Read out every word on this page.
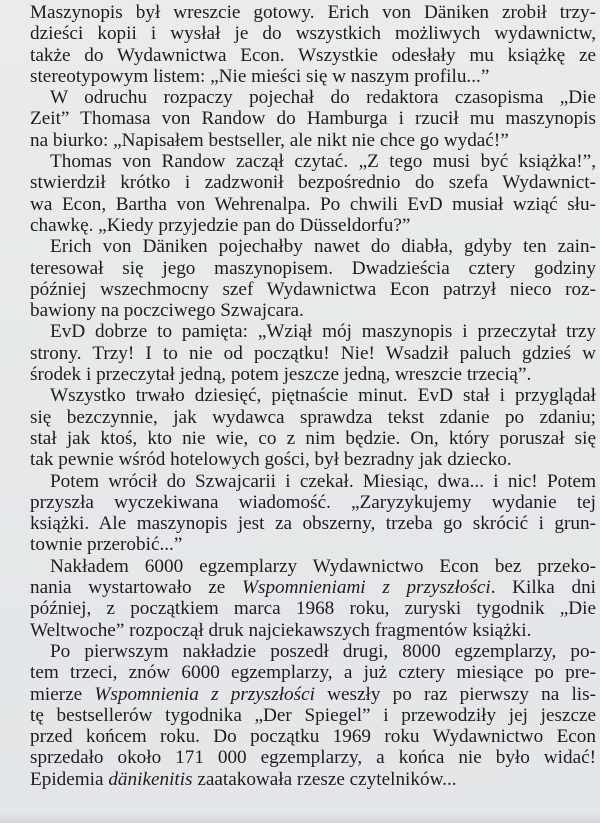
Maszynopis był wreszcie gotowy. Erich von Däniken zrobił trzy-
dzieści kopii i wysłał je do wszystkich możliwych wydawnictw,
także do Wydawnictwa Econ. Wszystkie odesłały mu książkę ze
stereotypowym listem: „Nie mieści się w naszym profilu...”
W odruchu rozpaczy pojechał do redaktora czasopisma „Die
Zeit” Thomasa von Randow do Hamburga i rzucił mu maszynopis
na biurko: „Napisałem bestseller, ale nikt nie chce go wydać!”
Thomas von Randow zaczął czytać. „Z tego musi być książka!”,
stwierdził krótko i zadzwonił bezpośrednio do szefa Wydawnict-
wa Econ, Bartha von Wehrenalpa. Po chwili EvD musiał wziąć słu-
chawkę. „Kiedy przyjedzie pan do Düsseldorfu?”
Erich von Däniken pojechałby nawet do diabła, gdyby ten zain-
teresował się jego maszynopisem. Dwadzieścia cztery godziny
później wszechmocny szef Wydawnictwa Econ patrzył nieco roz-
bawiony na poczciwego Szwajcara.
EvD dobrze to pamięta: „Wziął mój maszynopis i przeczytał trzy
strony. Trzy! I to nie od początku! Nie! Wsadził paluch gdzieś w
środek i przeczytał jedną, potem jeszcze jedną, wreszcie trzecią”.
Wszystko trwało dziesięć, piętnaście minut. EvD stał i przyglądał
się bezczynnie, jak wydawca sprawdza tekst zdanie po zdaniu;
stał jak ktoś, kto nie wie, co z nim będzie. On, który poruszał się
tak pewnie wśród hotelowych gości, był bezradny jak dziecko.
Potem wrócił do Szwajcarii i czekał. Miesiąc, dwa... i nic! Potem
przyszła wyczekiwana wiadomość. „Zaryzykujemy wydanie tej
książki. Ale maszynopis jest za obszerny, trzeba go skrócić i grun-
townie przerobić...”
Nakładem 6000 egzemplarzy Wydawnictwo Econ bez przeko-
nania wystartowało ze Wspomnieniami z przyszłości. Kilka dni
później, z początkiem marca 1968 roku, zuryski tygodnik „Die
Weltwoche” rozpoczął druk najciekawszych fragmentów książki.
Po pierwszym nakładzie poszedł drugi, 8000 egzemplarzy, po-
tem trzeci, znów 6000 egzemplarzy, a już cztery miesiące po pre-
mierze Wspomnienia z przyszłości weszły po raz pierwszy na lis-
tę bestsellerów tygodnika „Der Spiegel” i przewodziły jej jeszcze
przed końcem roku. Do początku 1969 roku Wydawnictwo Econ
sprzedało około 171 000 egzemplarzy, a końca nie było widać!
Epidemia dänikenitis zaatakowała rzesze czytelników...
